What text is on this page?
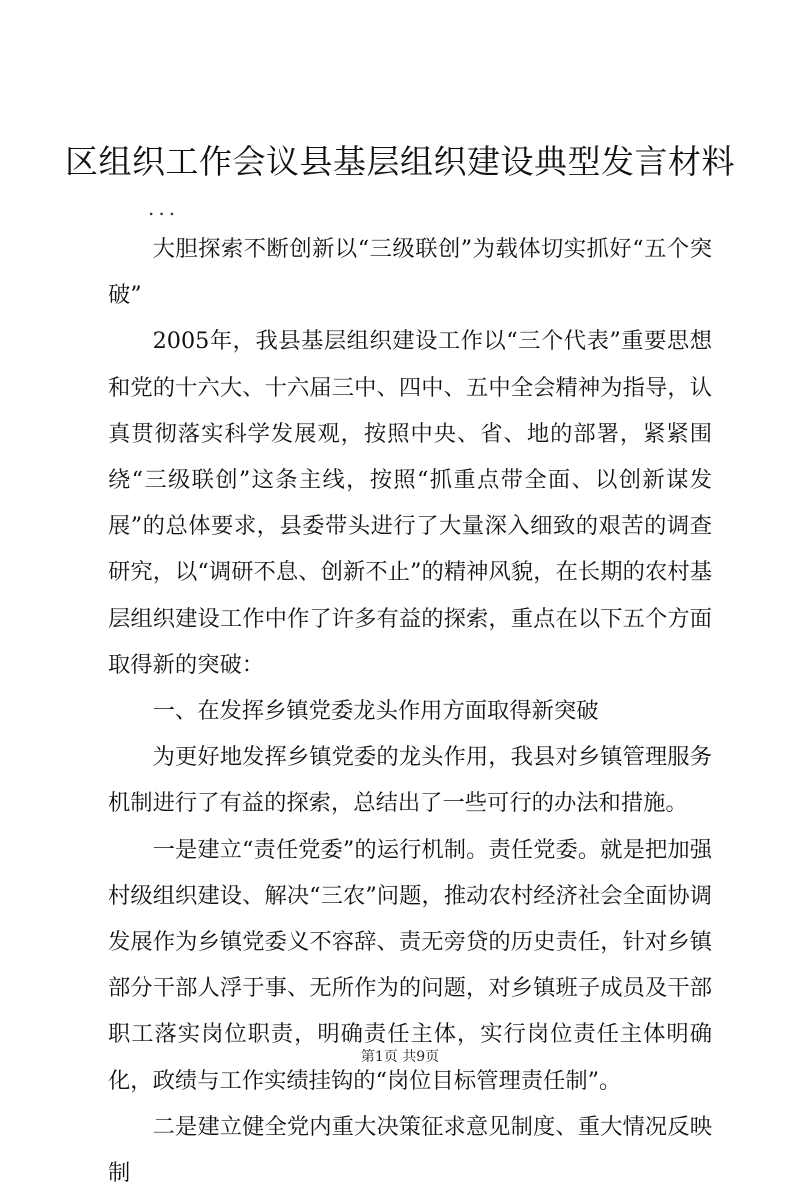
区组织工作会议县基层组织建设典型发言材料
...

大胆探索不断创新以“三级联创”为载体切实抓好“五个突破”

2005年，我县基层组织建设工作以“三个代表”重要思想和党的十六大、十六届三中、四中、五中全会精神为指导，认真贯彻落实科学发展观，按照中央、省、地的部署，紧紧围绕“三级联创”这条主线，按照“抓重点带全面、以创新谋发展”的总体要求，县委带头进行了大量深入细致的艰苦的调查研究，以“调研不息、创新不止”的精神风貌，在长期的农村基层组织建设工作中作了许多有益的探索，重点在以下五个方面取得新的突破：

一、在发挥乡镇党委龙头作用方面取得新突破

为更好地发挥乡镇党委的龙头作用，我县对乡镇管理服务机制进行了有益的探索，总结出了一些可行的办法和措施。

一是建立“责任党委”的运行机制。责任党委。就是把加强村级组织建设、解决“三农”问题，推动农村经济社会全面协调发展作为乡镇党委义不容辞、责无旁贷的历史责任，针对乡镇部分干部人浮于事、无所作为的问题，对乡镇班子成员及干部职工落实岗位职责，明确责任主体，实行岗位责任主体明确化，政绩与工作实绩挂钩的“岗位目标管理责任制”。

二是建立健全党内重大决策征求意见制度、重大情况反映制

第1页 共9页
